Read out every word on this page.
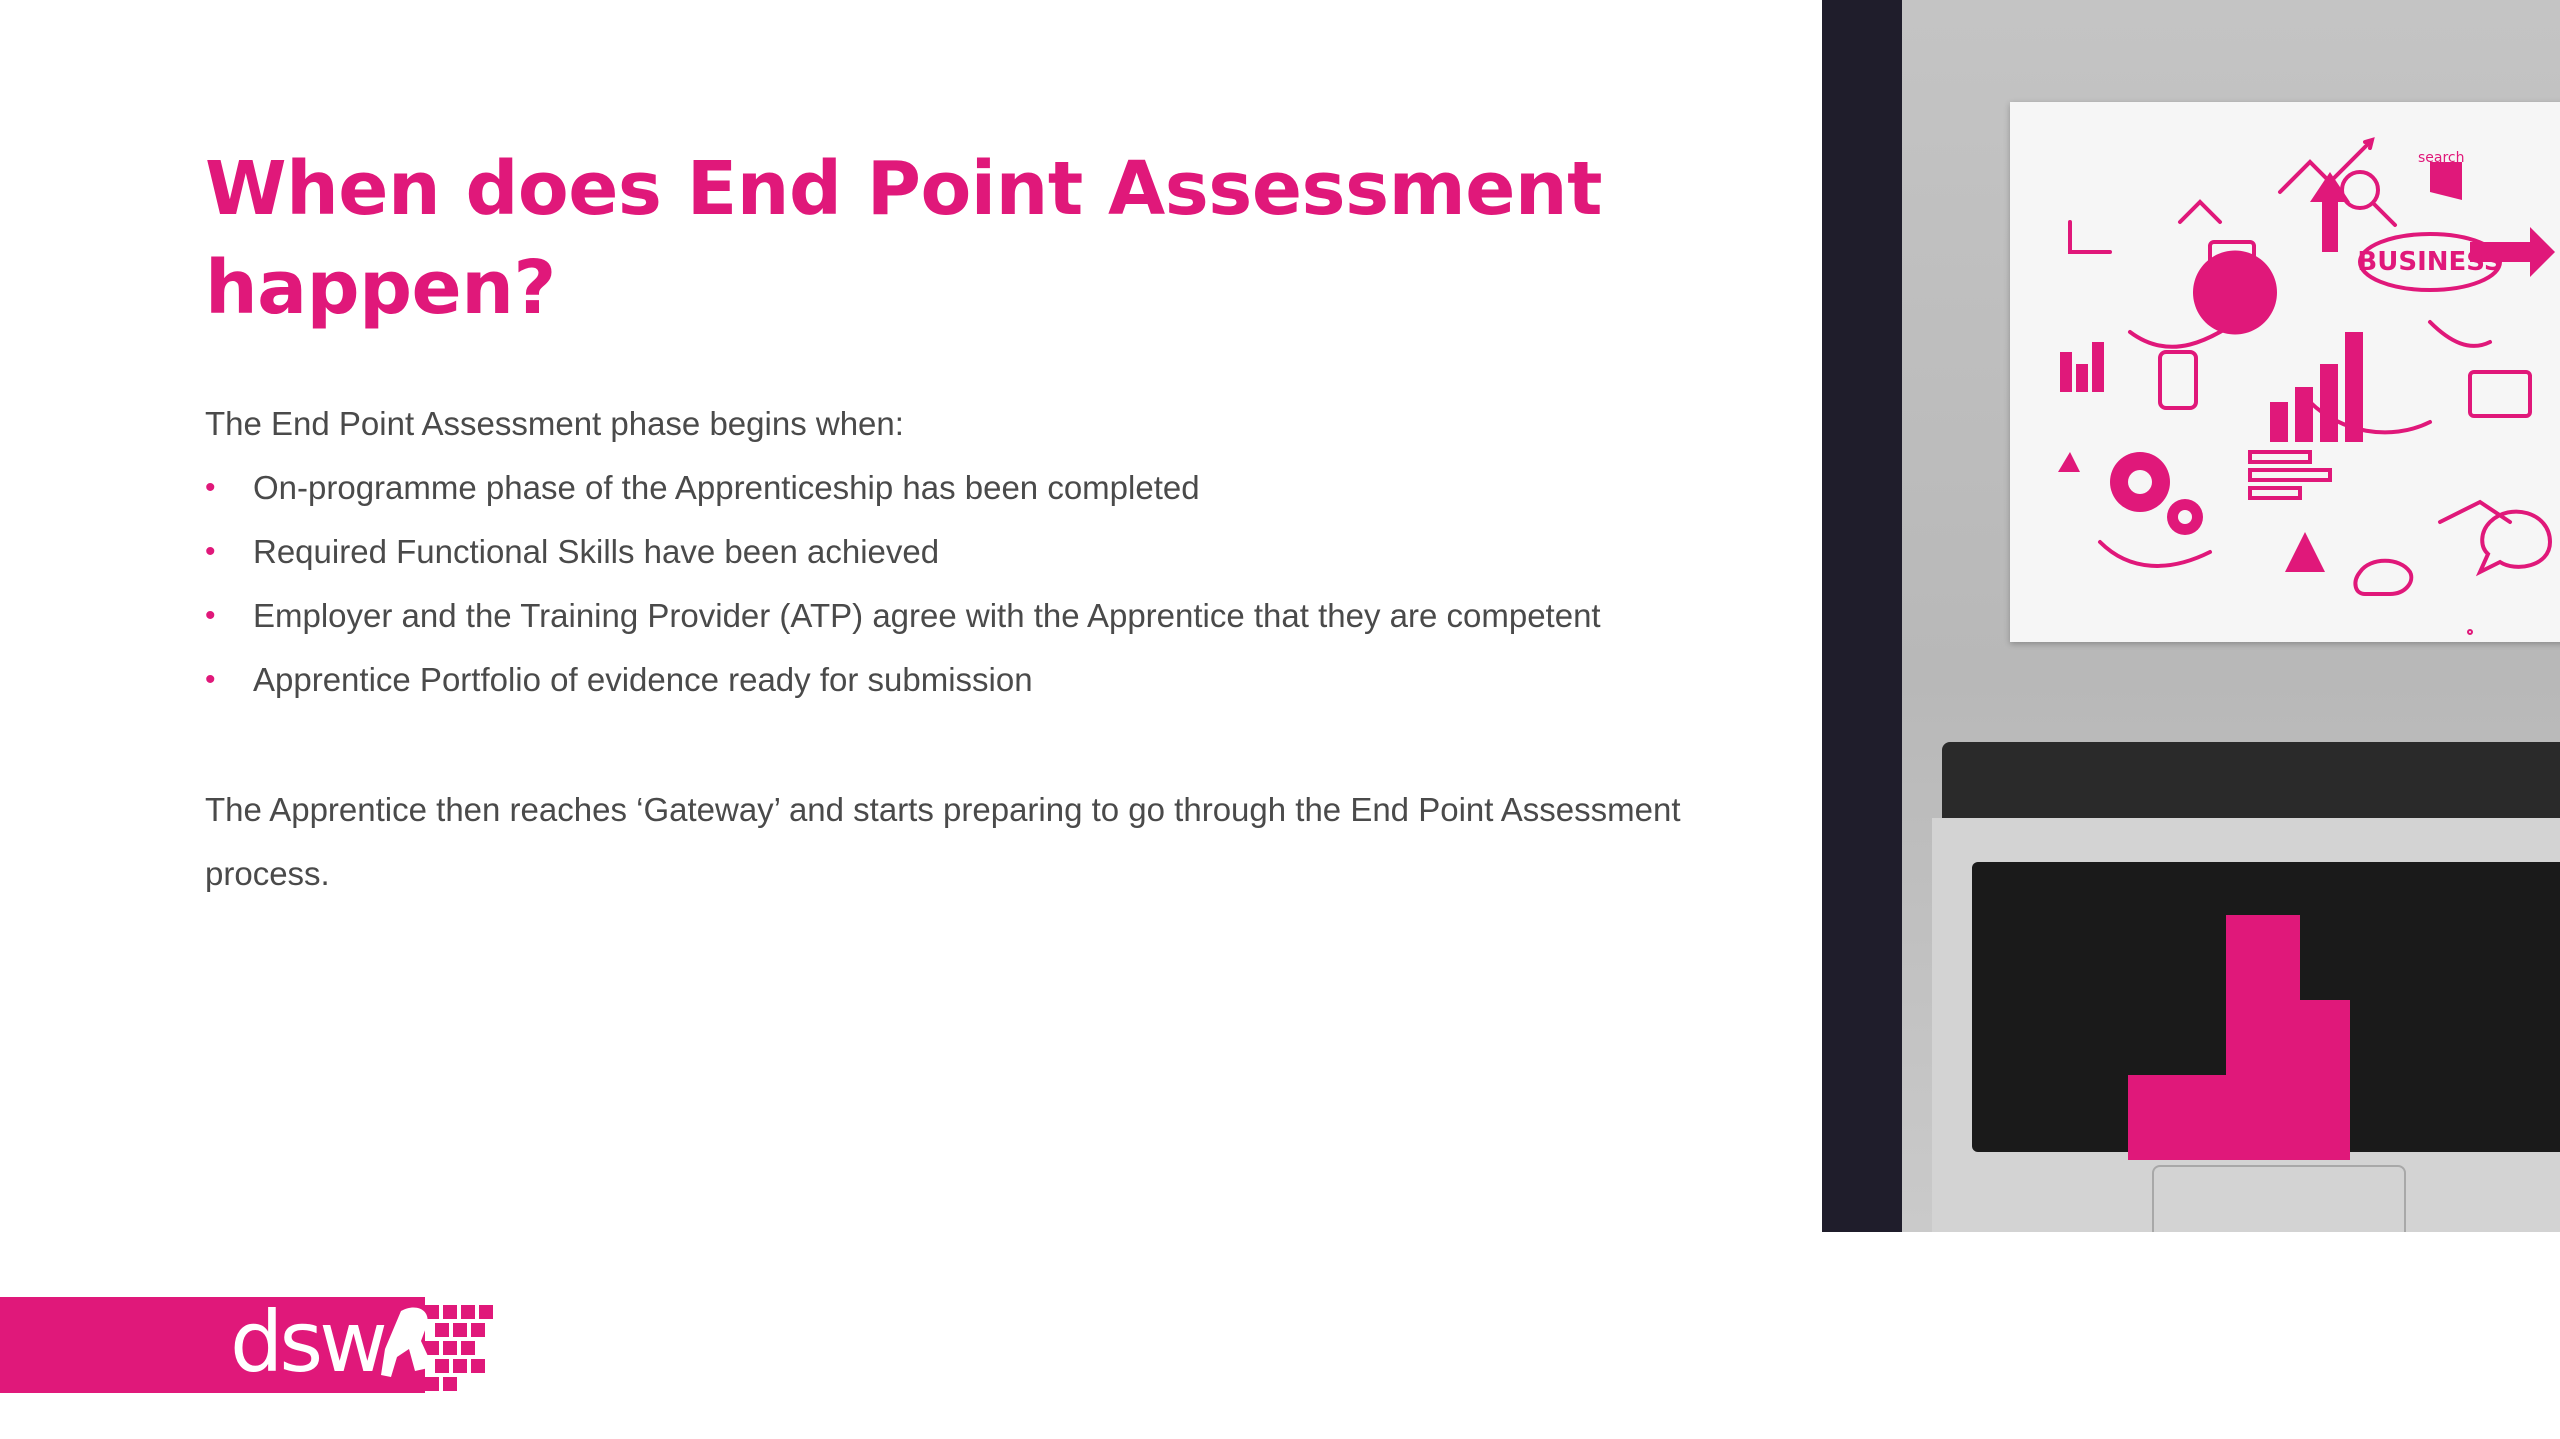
When does End Point Assessment happen?

The End Point Assessment phase begins when:

• On-programme phase of the Apprenticeship has been completed
• Required Functional Skills have been achieved
• Employer and the Training Provider (ATP) agree with the Apprentice that they are competent
• Apprentice Portfolio of evidence ready for submission

The Apprentice then reaches ‘Gateway’ and starts preparing to go through the End Point Assessment process.

BUSINESS
search
dsw
